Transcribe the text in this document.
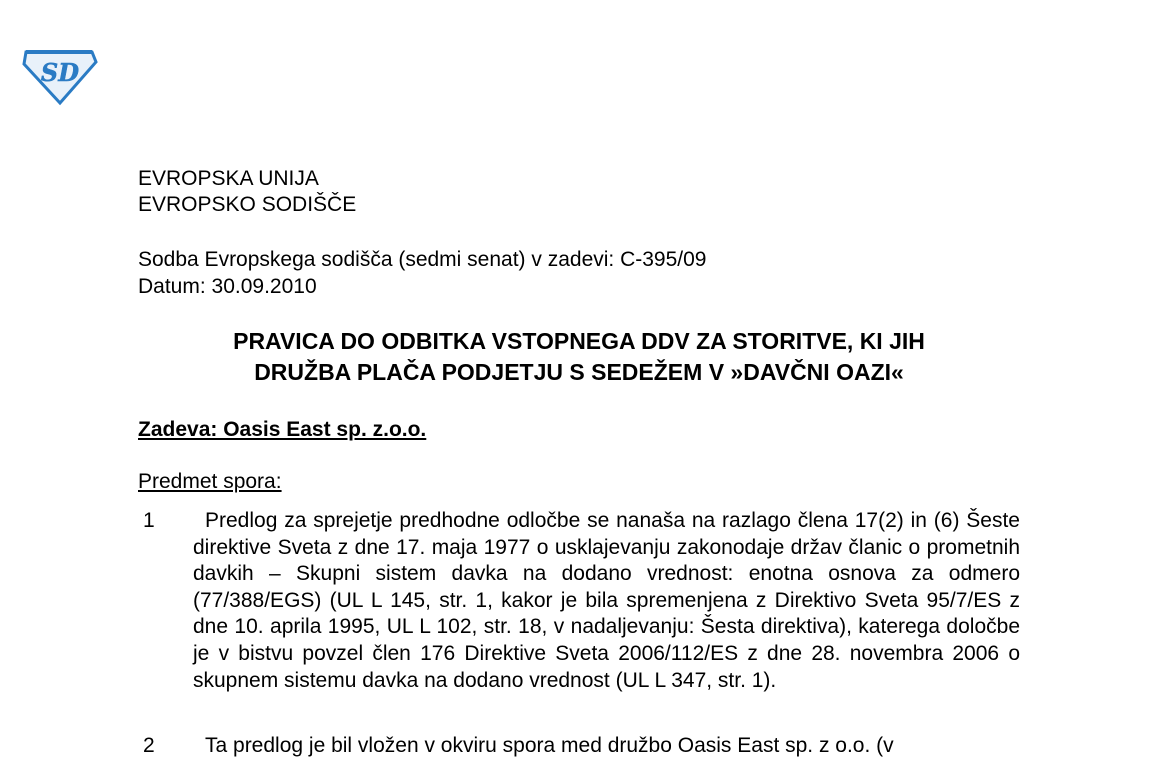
SD
EVROPSKA UNIJA
EVROPSKO SODIŠČE
Sodba Evropskega sodišča (sedmi senat) v zadevi: C-395/09
Datum: 30.09.2010
PRAVICA DO ODBITKA VSTOPNEGA DDV ZA STORITVE, KI JIH
DRUŽBA PLAČA PODJETJU S SEDEŽEM V »DAVČNI OAZI«
Zadeva: Oasis East sp. z.o.o.
Predmet spora:
1	Predlog za sprejetje predhodne odločbe se nanaša na razlago člena 17(2) in (6) Šeste direktive Sveta z dne 17. maja 1977 o usklajevanju zakonodaje držav članic o prometnih davkih – Skupni sistem davka na dodano vrednost: enotna osnova za odmero (77/388/EGS) (UL L 145, str. 1, kakor je bila spremenjena z Direktivo Sveta 95/7/ES z dne 10. aprila 1995, UL L 102, str. 18, v nadaljevanju: Šesta direktiva), katerega določbe je v bistvu povzel člen 176 Direktive Sveta 2006/112/ES z dne 28. novembra 2006 o skupnem sistemu davka na dodano vrednost (UL L 347, str. 1).
2	Ta predlog je bil vložen v okviru spora med družbo Oasis East sp. z o.o. (v
